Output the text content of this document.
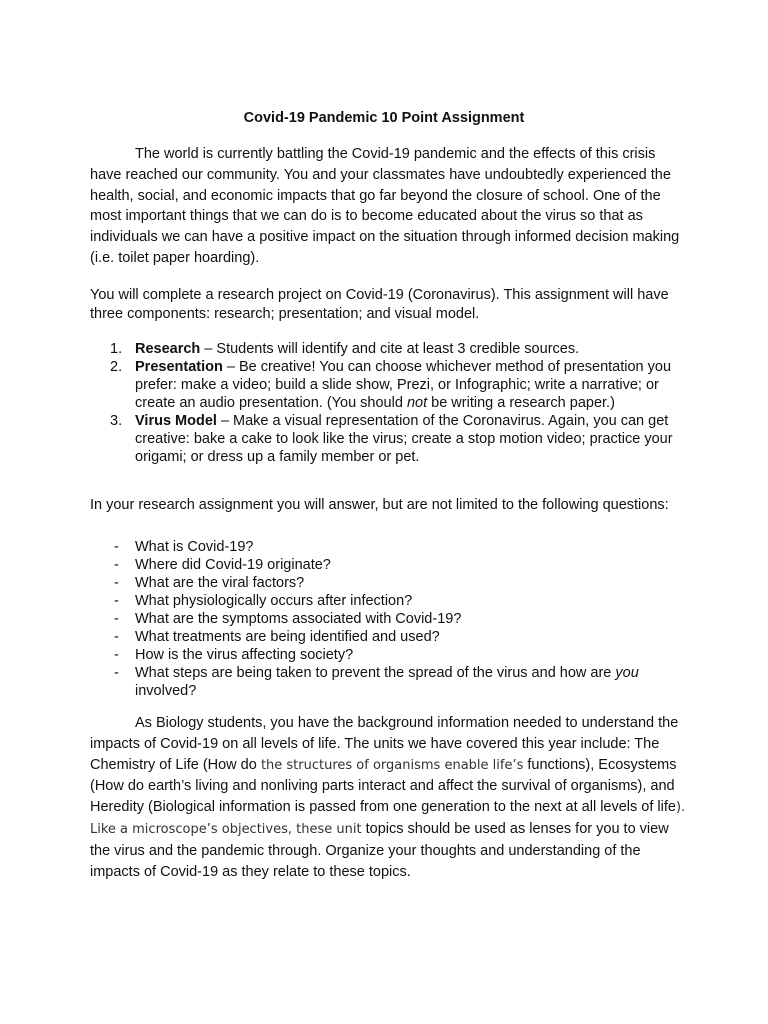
Covid-19 Pandemic 10 Point Assignment

The world is currently battling the Covid-19 pandemic and the effects of this crisis have reached our community. You and your classmates have undoubtedly experienced the health, social, and economic impacts that go far beyond the closure of school. One of the most important things that we can do is to become educated about the virus so that as individuals we can have a positive impact on the situation through informed decision making (i.e. toilet paper hoarding).

You will complete a research project on Covid-19 (Coronavirus). This assignment will have three components: research; presentation; and visual model.

1. Research – Students will identify and cite at least 3 credible sources.
2. Presentation – Be creative! You can choose whichever method of presentation you prefer: make a video; build a slide show, Prezi, or Infographic; write a narrative; or create an audio presentation. (You should not be writing a research paper.)
3. Virus Model – Make a visual representation of the Coronavirus. Again, you can get creative: bake a cake to look like the virus; create a stop motion video; practice your origami; or dress up a family member or pet.

In your research assignment you will answer, but are not limited to the following questions:

- What is Covid-19?
- Where did Covid-19 originate?
- What are the viral factors?
- What physiologically occurs after infection?
- What are the symptoms associated with Covid-19?
- What treatments are being identified and used?
- How is the virus affecting society?
- What steps are being taken to prevent the spread of the virus and how are you involved?

As Biology students, you have the background information needed to understand the impacts of Covid-19 on all levels of life. The units we have covered this year include: The Chemistry of Life (How do the structures of organisms enable life’s functions), Ecosystems (How do earth’s living and nonliving parts interact and affect the survival of organisms), and Heredity (Biological information is passed from one generation to the next at all levels of life). Like a microscope’s objectives, these unit topics should be used as lenses for you to view the virus and the pandemic through. Organize your thoughts and understanding of the impacts of Covid-19 as they relate to these topics.
